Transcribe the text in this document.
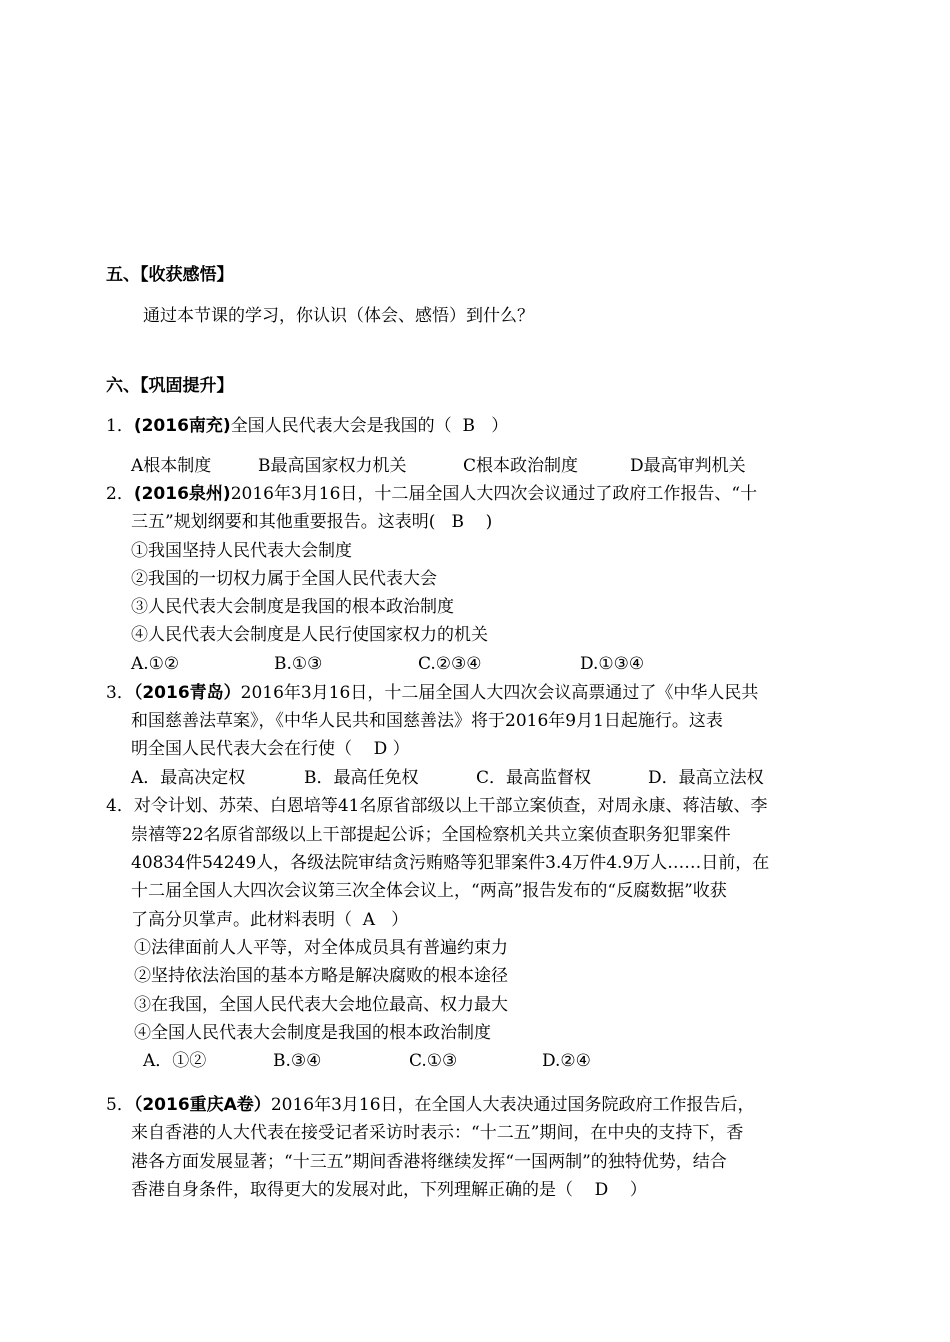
五、【收获感悟】
通过本节课的学习，你认识（体会、感悟）到什么？
六、【巩固提升】
1．(2016南充)全国人民代表大会是我国的（  B   ）
A根本制度	B最高国家权力机关	C根本政治制度	D最高审判机关
2．(2016泉州)2016年3月16日，十二届全国人大四次会议通过了政府工作报告、“十
三五”规划纲要和其他重要报告。这表明(   B    )
①我国坚持人民代表大会制度
②我国的一切权力属于全国人民代表大会
③人民代表大会制度是我国的根本政治制度
④人民代表大会制度是人民行使国家权力的机关
A.①②	B.①③	C.②③④	D.①③④
3．（2016青岛）2016年3月16日，十二届全国人大四次会议高票通过了《中华人民共
和国慈善法草案》，《中华人民共和国慈善法》将于2016年9月1日起施行。这表
明全国人民代表大会在行使（    D ）
A．最高决定权	B．最高任免权	C．最高监督权	D．最高立法权
4．对令计划、苏荣、白恩培等41名原省部级以上干部立案侦查，对周永康、蒋洁敏、李
崇禧等22名原省部级以上干部提起公诉；全国检察机关共立案侦查职务犯罪案件
40834件54249人，各级法院审结贪污贿赂等犯罪案件3.4万件4.9万人……日前，在
十二届全国人大四次会议第三次全体会议上，“两高”报告发布的“反腐数据”收获
了高分贝掌声。此材料表明（  A   ）
①法律面前人人平等，对全体成员具有普遍约束力
②坚持依法治国的基本方略是解决腐败的根本途径
③在我国，全国人民代表大会地位最高、权力最大
④全国人民代表大会制度是我国的根本政治制度
A．①②	B.③④	C.①③	D.②④
5．（2016重庆A卷）2016年3月16日，在全国人大表决通过国务院政府工作报告后，
来自香港的人大代表在接受记者采访时表示：“十二五”期间，在中央的支持下，香
港各方面发展显著；“十三五”期间香港将继续发挥“一国两制”的独特优势，结合
香港自身条件，取得更大的发展对此，下列理解正确的是（    D    ）
